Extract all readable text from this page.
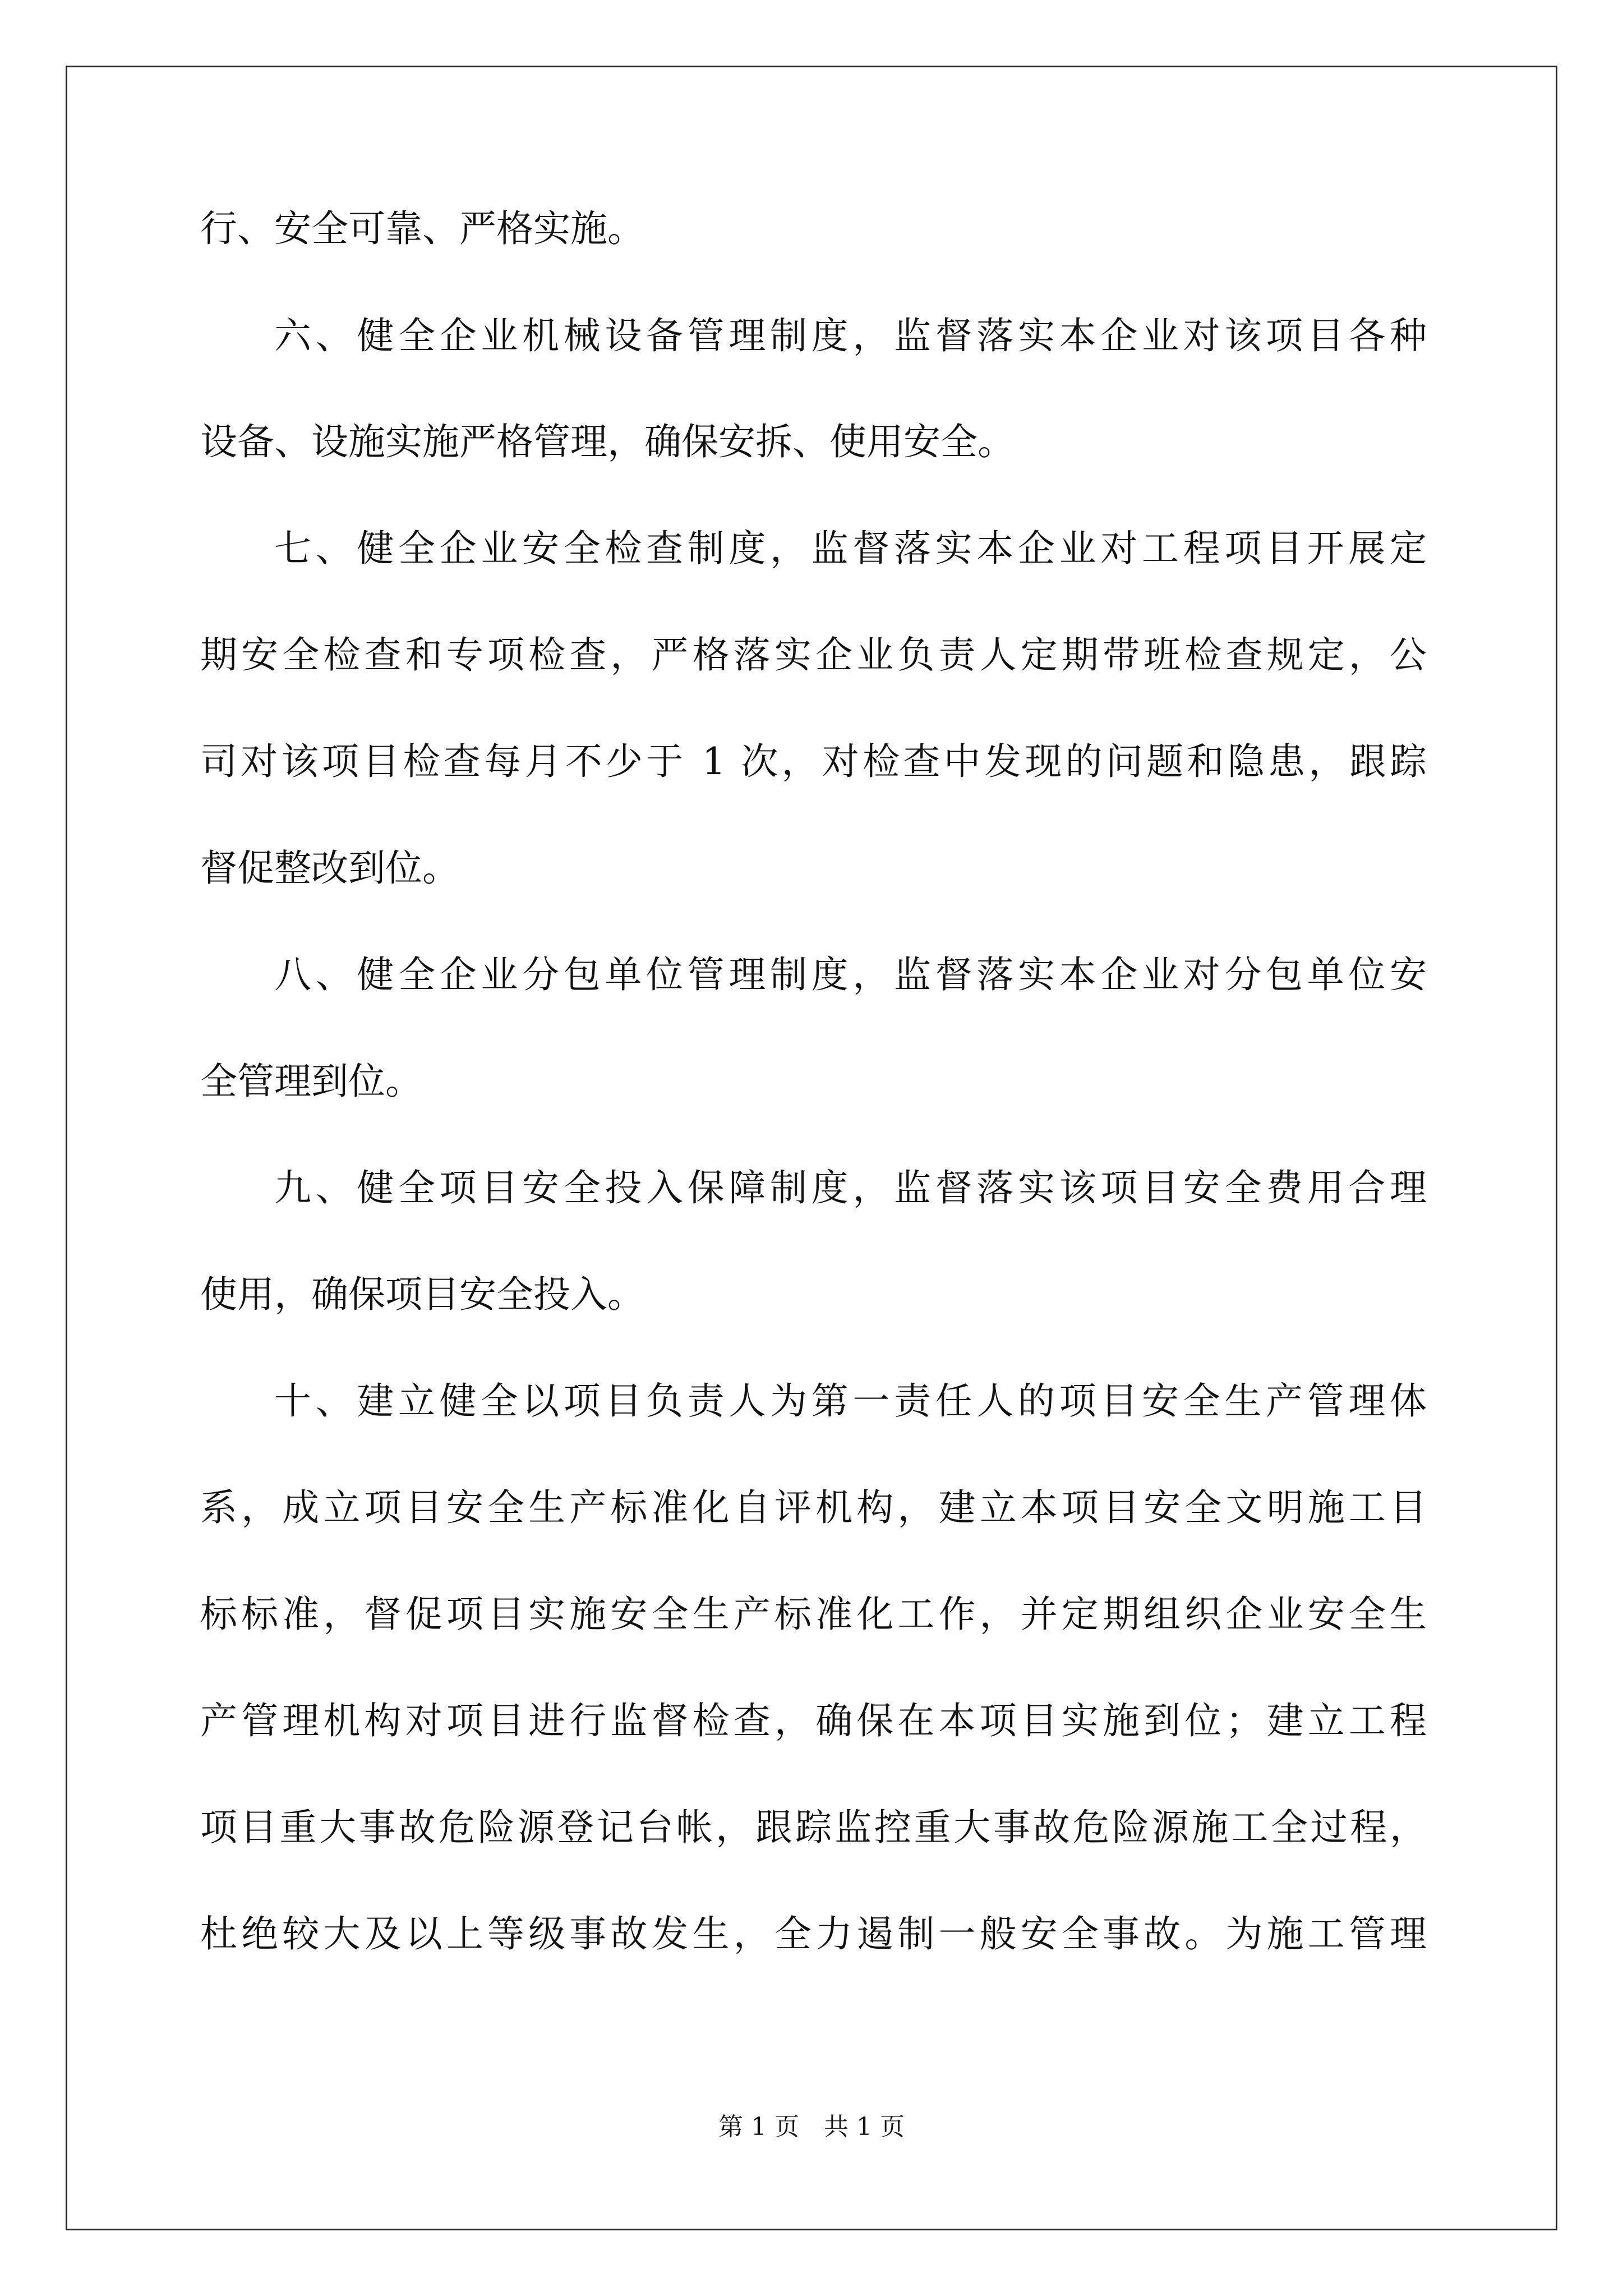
行、安全可靠、严格实施。
六、健全企业机械设备管理制度，监督落实本企业对该项目各种
设备、设施实施严格管理，确保安拆、使用安全。
七、健全企业安全检查制度，监督落实本企业对工程项目开展定
期安全检查和专项检查，严格落实企业负责人定期带班检查规定，公
司对该项目检查每月不少于 1 次，对检查中发现的问题和隐患，跟踪
督促整改到位。
八、健全企业分包单位管理制度，监督落实本企业对分包单位安
全管理到位。
九、健全项目安全投入保障制度，监督落实该项目安全费用合理
使用，确保项目安全投入。
十、建立健全以项目负责人为第一责任人的项目安全生产管理体
系，成立项目安全生产标准化自评机构，建立本项目安全文明施工目
标标准，督促项目实施安全生产标准化工作，并定期组织企业安全生
产管理机构对项目进行监督检查，确保在本项目实施到位；建立工程
项目重大事故危险源登记台帐，跟踪监控重大事故危险源施工全过程，
杜绝较大及以上等级事故发生，全力遏制一般安全事故。为施工管理
第 1 页　共 1 页
